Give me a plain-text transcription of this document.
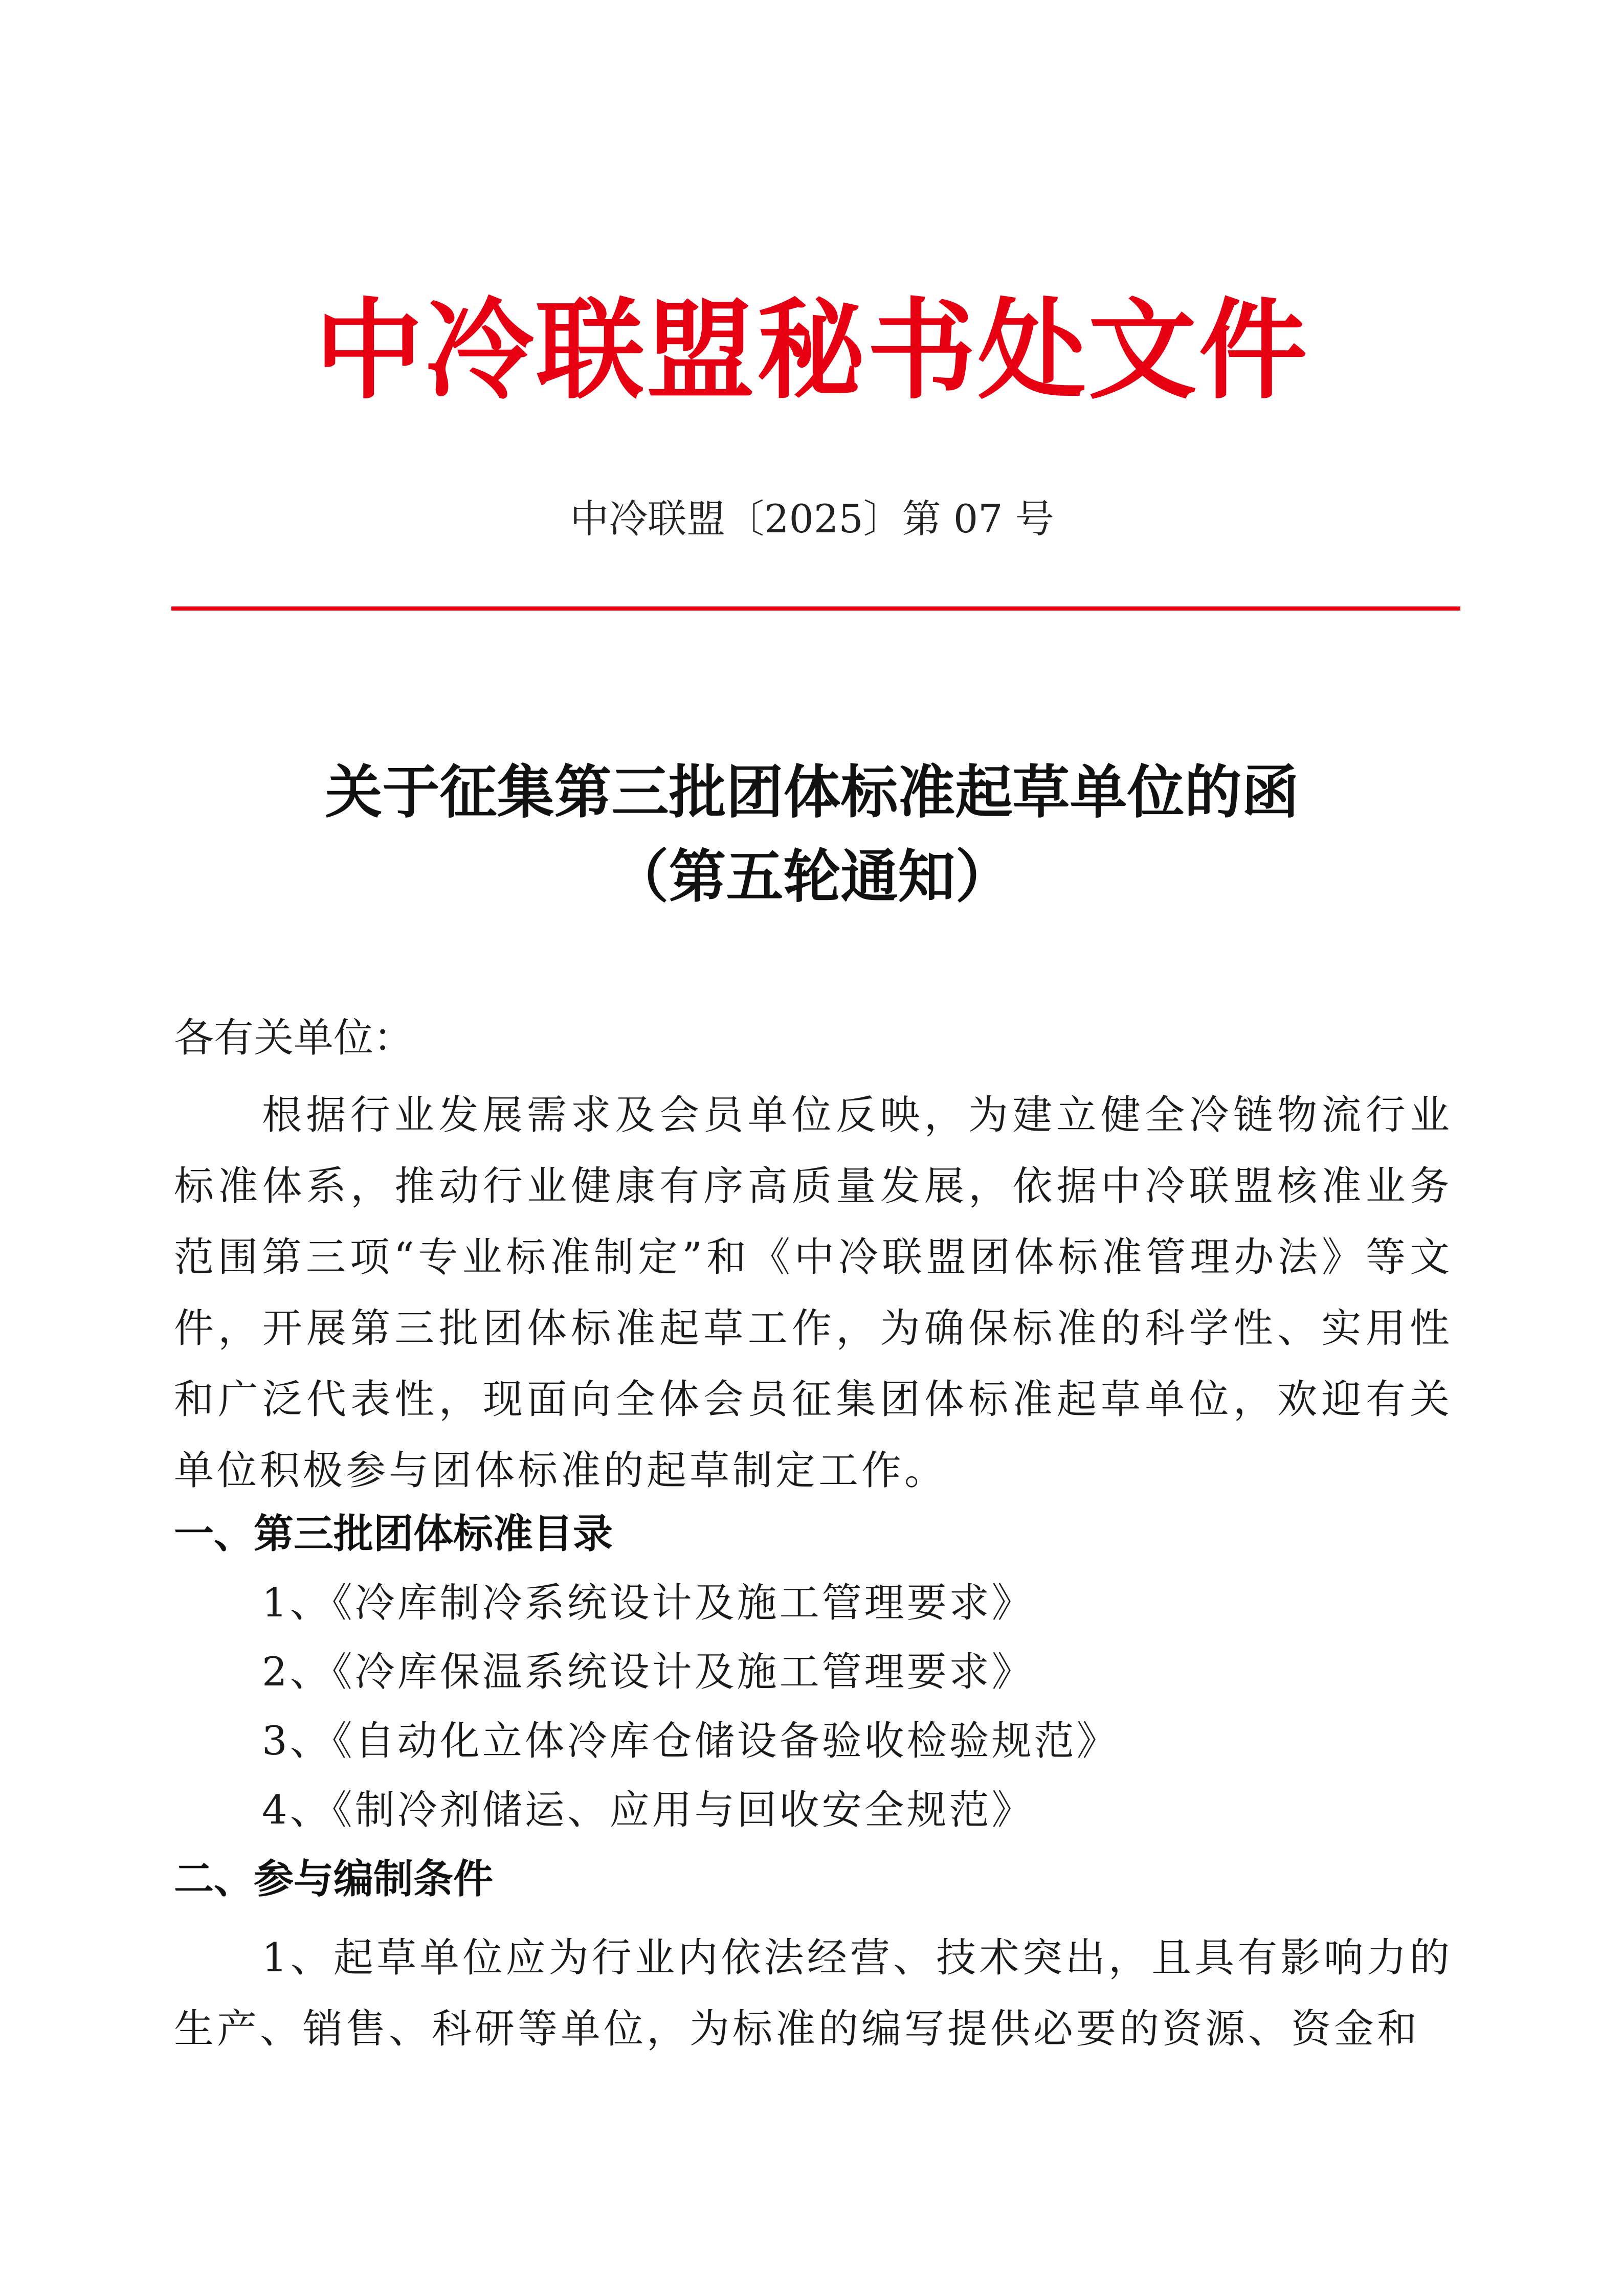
中冷联盟秘书处文件
中冷联盟〔2025〕第 07 号
关于征集第三批团体标准起草单位的函
（第五轮通知）
各有关单位：
根据行业发展需求及会员单位反映，为建立健全冷链物流行业标准体系，推动行业健康有序高质量发展，依据中冷联盟核准业务范围第三项“专业标准制定”和《中冷联盟团体标准管理办法》等文件，开展第三批团体标准起草工作，为确保标准的科学性、实用性和广泛代表性，现面向全体会员征集团体标准起草单位，欢迎有关单位积极参与团体标准的起草制定工作。
一、第三批团体标准目录
1、《冷库制冷系统设计及施工管理要求》
2、《冷库保温系统设计及施工管理要求》
3、《自动化立体冷库仓储设备验收检验规范》
4、《制冷剂储运、应用与回收安全规范》
二、参与编制条件
1、起草单位应为行业内依法经营、技术突出，且具有影响力的生产、销售、科研等单位，为标准的编写提供必要的资源、资金和
